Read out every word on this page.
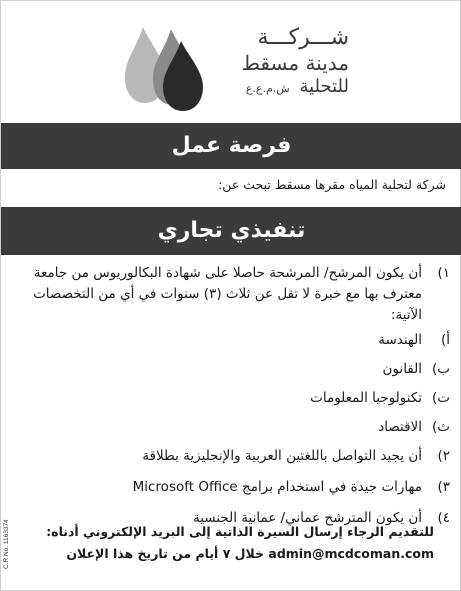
شـــركـــة
مدينة مسقط
للتحلية ش.م.ع.ع
فرصة عمل
شركة لتحلية المياه مقرها مسقط تبحث عن:
تنفيذي تجاري
١)
أن يكون المرشح/ المرشحة حاصلا على شهادة البكالوريوس من جامعة معترف بها مع خبرة لا تقل عن ثلاث (٣) سنوات في أي من التخصصات الآتية:
أ)
الهندسة
ب)
القانون
ت)
تكنولوجيا المعلومات
ث)
الاقتصاد
٢)
أن يجيد التواصل باللغتين العربية والإنجليزية بطلاقة
٣)
مهارات جيدة في استخدام برامج Microsoft Office
٤)
أن يكون المترشح عماني/ عمانية الجنسية
للتقديم الرجاء إرسال السيرة الذاتية إلى البريد الإلكتروني أدناه:
admin@mcdcoman.com خلال ٧ أيام من تاريخ هذا الإعلان
C.R No. 1163374
